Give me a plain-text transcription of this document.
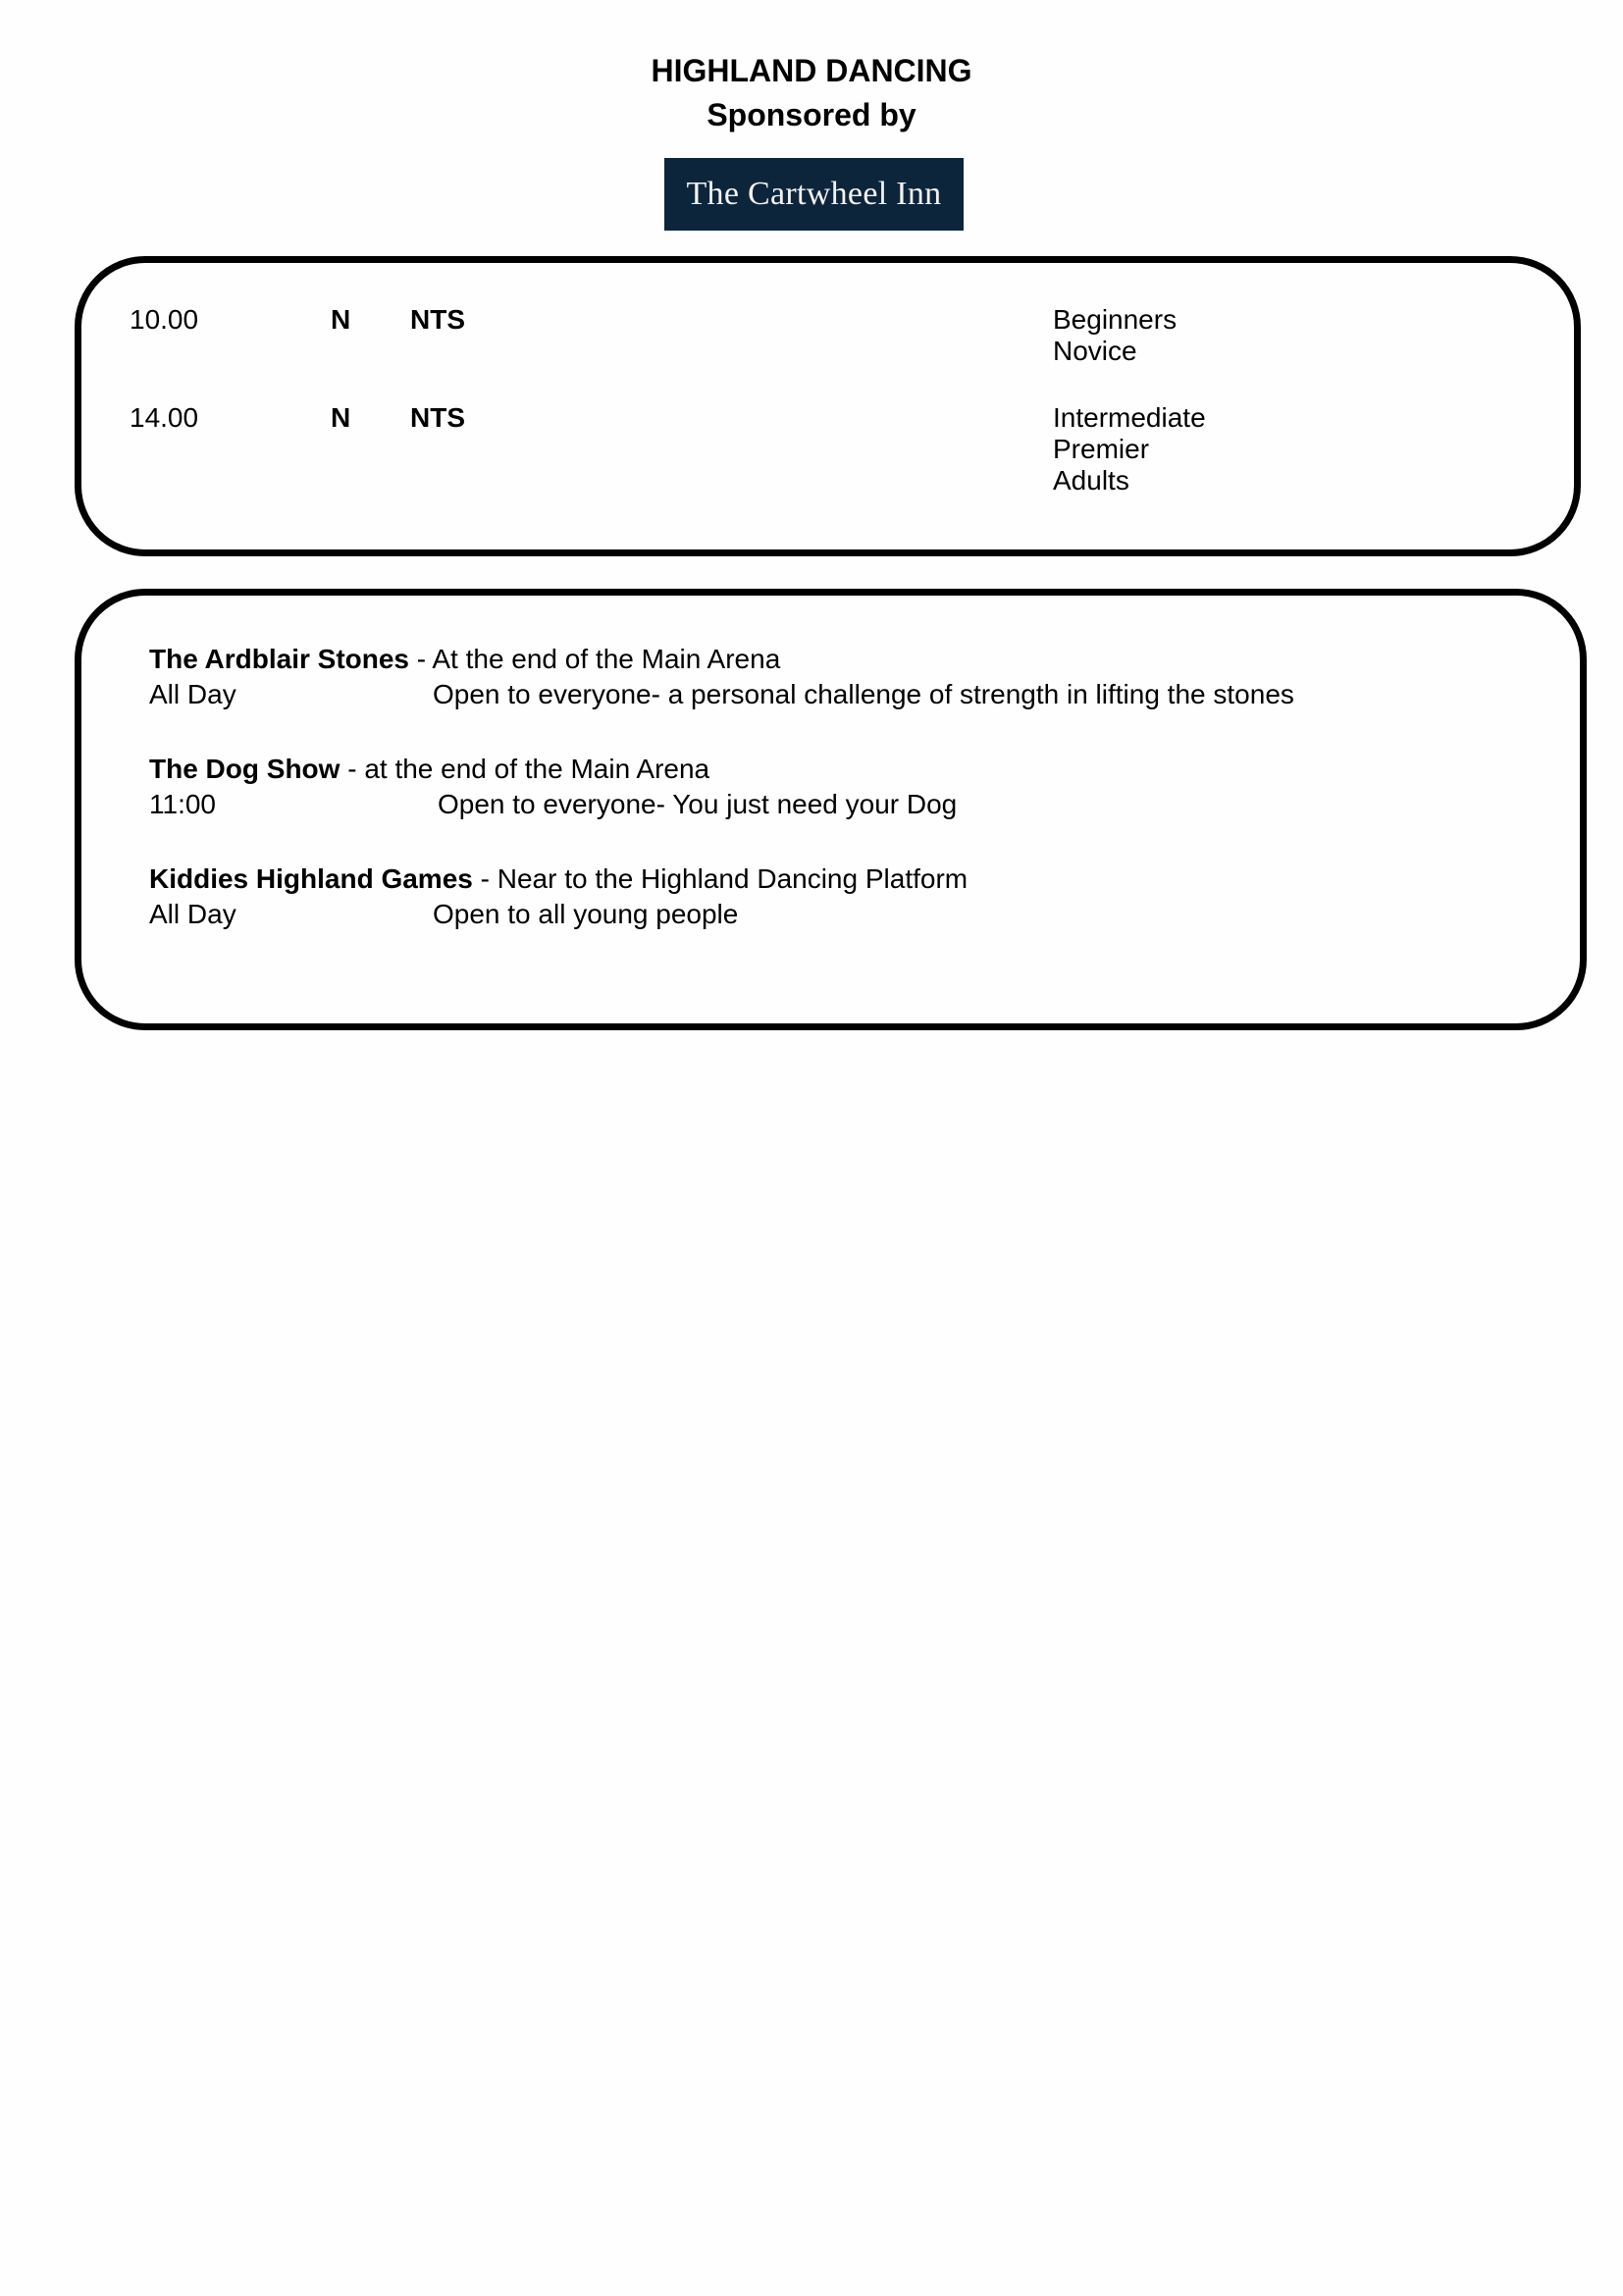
HIGHLAND DANCING
Sponsored by
The Cartwheel Inn
10.00	N NTS	Beginners
Novice
14.00	N NTS	Intermediate
Premier
Adults
The Ardblair Stones - At the end of the Main Arena
All Day	Open to everyone- a personal challenge of strength in lifting the stones
The Dog Show - at the end of the Main Arena
11:00	Open to everyone- You just need your Dog
Kiddies Highland Games - Near to the Highland Dancing Platform
All Day	Open to all young people
